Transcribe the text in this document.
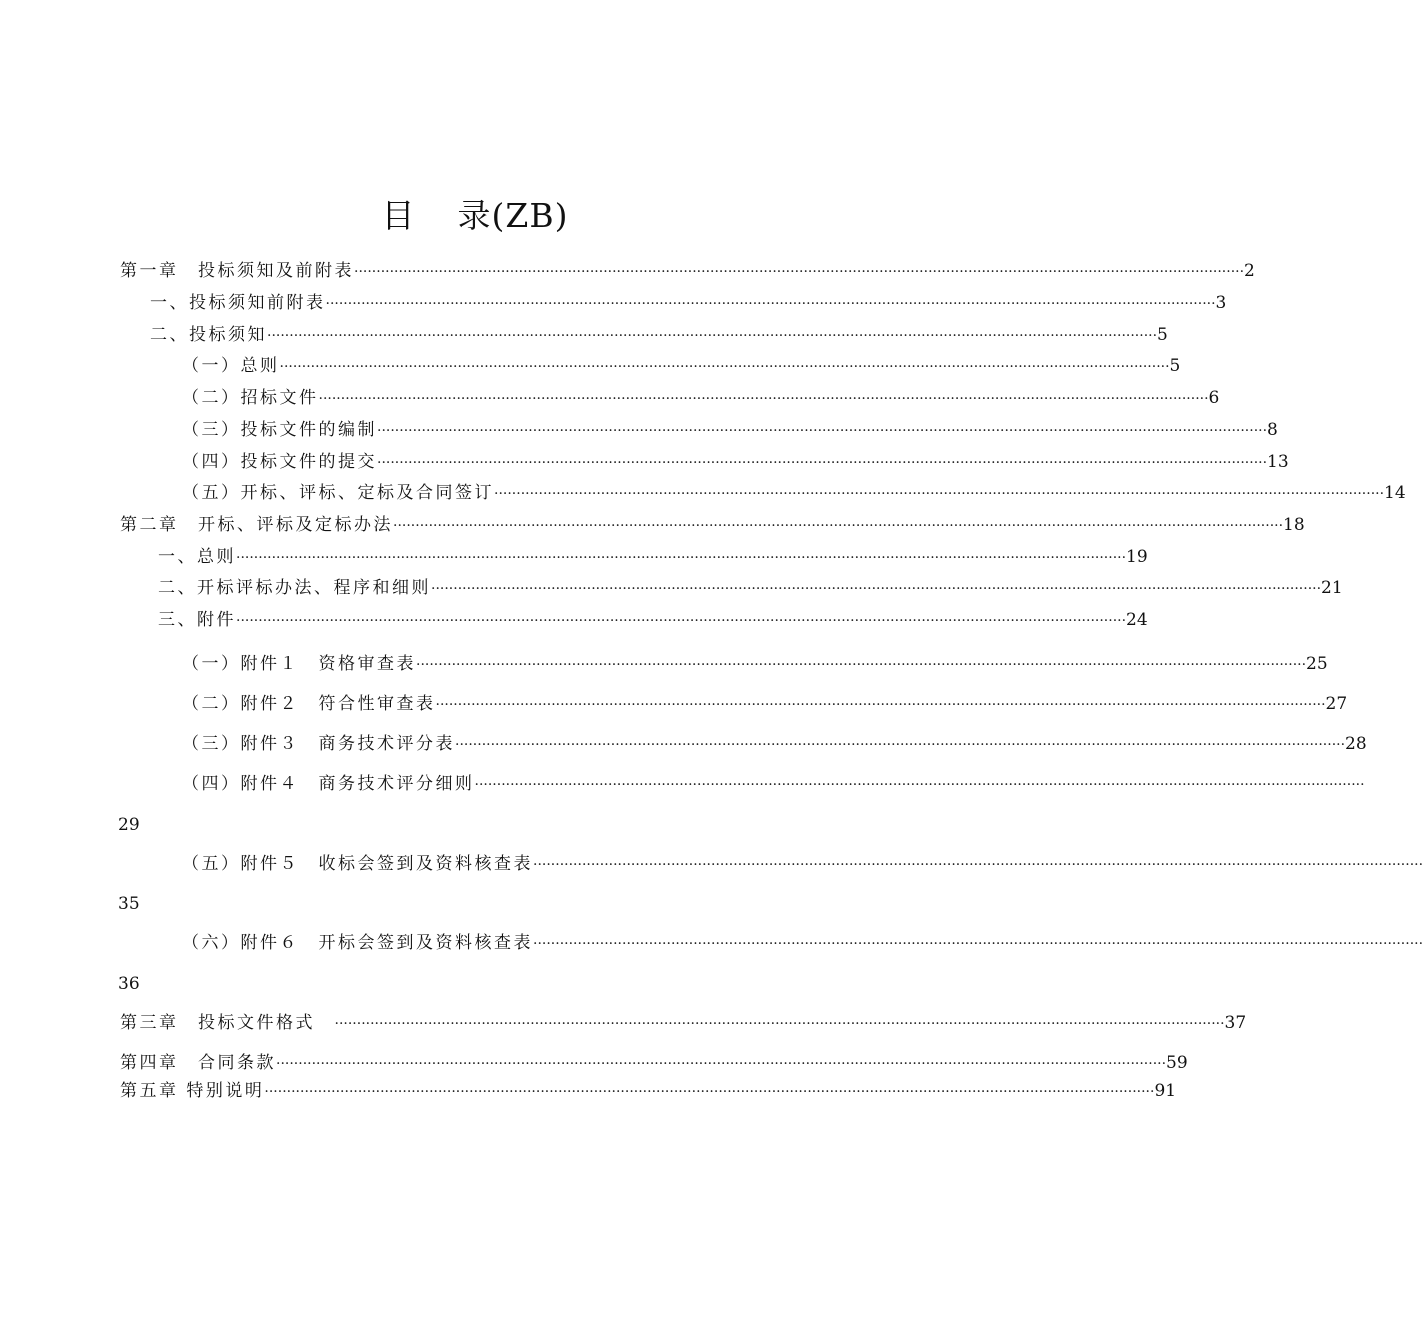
目 录(ZB)
第一章　投标须知及前附表 ········································································································································································································ 2
一、投标须知前附表 ········································································································································································································ 3
二、投标须知 ········································································································································································································ 5
（一）总则 ········································································································································································································ 5
（二）招标文件 ········································································································································································································ 6
（三）投标文件的编制 ········································································································································································································ 8
（四）投标文件的提交 ········································································································································································································ 13
（五）开标、评标、定标及合同签订 ········································································································································································································ 14
第二章　开标、评标及定标办法 ········································································································································································································ 18
一、总则 ········································································································································································································ 19
二、开标评标办法、程序和细则 ········································································································································································································ 21
三、附件 ········································································································································································································ 24
（一）附件１　资格审查表 ········································································································································································································ 25
（二）附件２　符合性审查表 ········································································································································································································ 27
（三）附件３　商务技术评分表 ········································································································································································································ 28
（四）附件４　商务技术评分细则 ········································································································································································································
29
（五）附件５　收标会签到及资料核查表 ········································································································································································································
35
（六）附件６　开标会签到及资料核查表 ········································································································································································································
36
第三章　投标文件格式　 ········································································································································································································ 37
第四章　合同条款 ········································································································································································································ 59
第五章 特别说明 ········································································································································································································ 91
